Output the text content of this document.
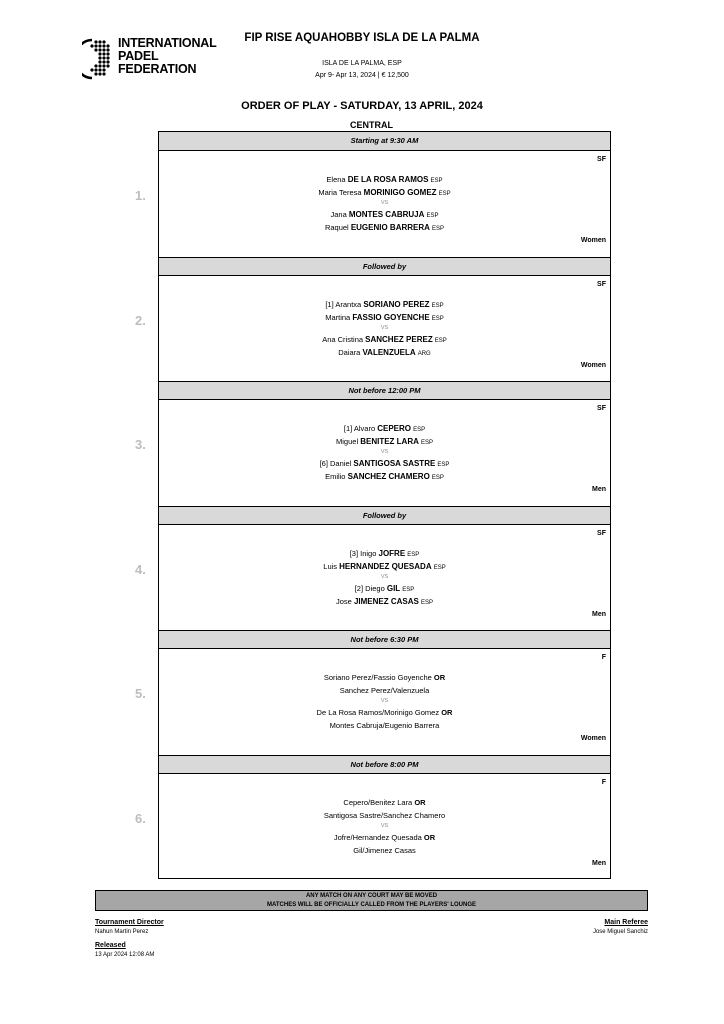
INTERNATIONAL
PADEL
FEDERATION
FIP RISE AQUAHOBBY ISLA DE LA PALMA
ISLA DE LA PALMA, ESP
Apr 9- Apr 13, 2024 | € 12,500
ORDER OF PLAY - SATURDAY, 13 APRIL, 2024
CENTRAL
Starting at 9:30 AM
1.
SF
Women
Elena DE LA ROSA RAMOS ESP
Maria Teresa MORINIGO GOMEZ ESP
VS
Jana MONTES CABRUJA ESP
Raquel EUGENIO BARRERA ESP
Followed by
2.
SF
Women
[1] Arantxa SORIANO PEREZ ESP
Martina FASSIO GOYENCHE ESP
VS
Ana Cristina SANCHEZ PEREZ ESP
Daiara VALENZUELA ARG
Not before 12:00 PM
3.
SF
Men
[1] Alvaro CEPERO ESP
Miguel BENITEZ LARA ESP
VS
[6] Daniel SANTIGOSA SASTRE ESP
Emilio SANCHEZ CHAMERO ESP
Followed by
4.
SF
Men
[3] Inigo JOFRE ESP
Luis HERNANDEZ QUESADA ESP
VS
[2] Diego GIL ESP
Jose JIMENEZ CASAS ESP
Not before 6:30 PM
5.
F
Women
Soriano Perez/Fassio Goyenche OR
Sanchez Perez/Valenzuela
VS
De La Rosa Ramos/Morinigo Gomez OR
Montes Cabruja/Eugenio Barrera
Not before 8:00 PM
6.
F
Men
Cepero/Benitez Lara OR
Santigosa Sastre/Sanchez Chamero
VS
Jofre/Hernandez Quesada OR
Gil/Jimenez Casas
ANY MATCH ON ANY COURT MAY BE MOVED
MATCHES WILL BE OFFICIALLY CALLED FROM THE PLAYERS' LOUNGE
Tournament Director
Nahun Martin Perez
Released
13 Apr 2024 12:08 AM
Main Referee
Jose Miguel Sanchiz
